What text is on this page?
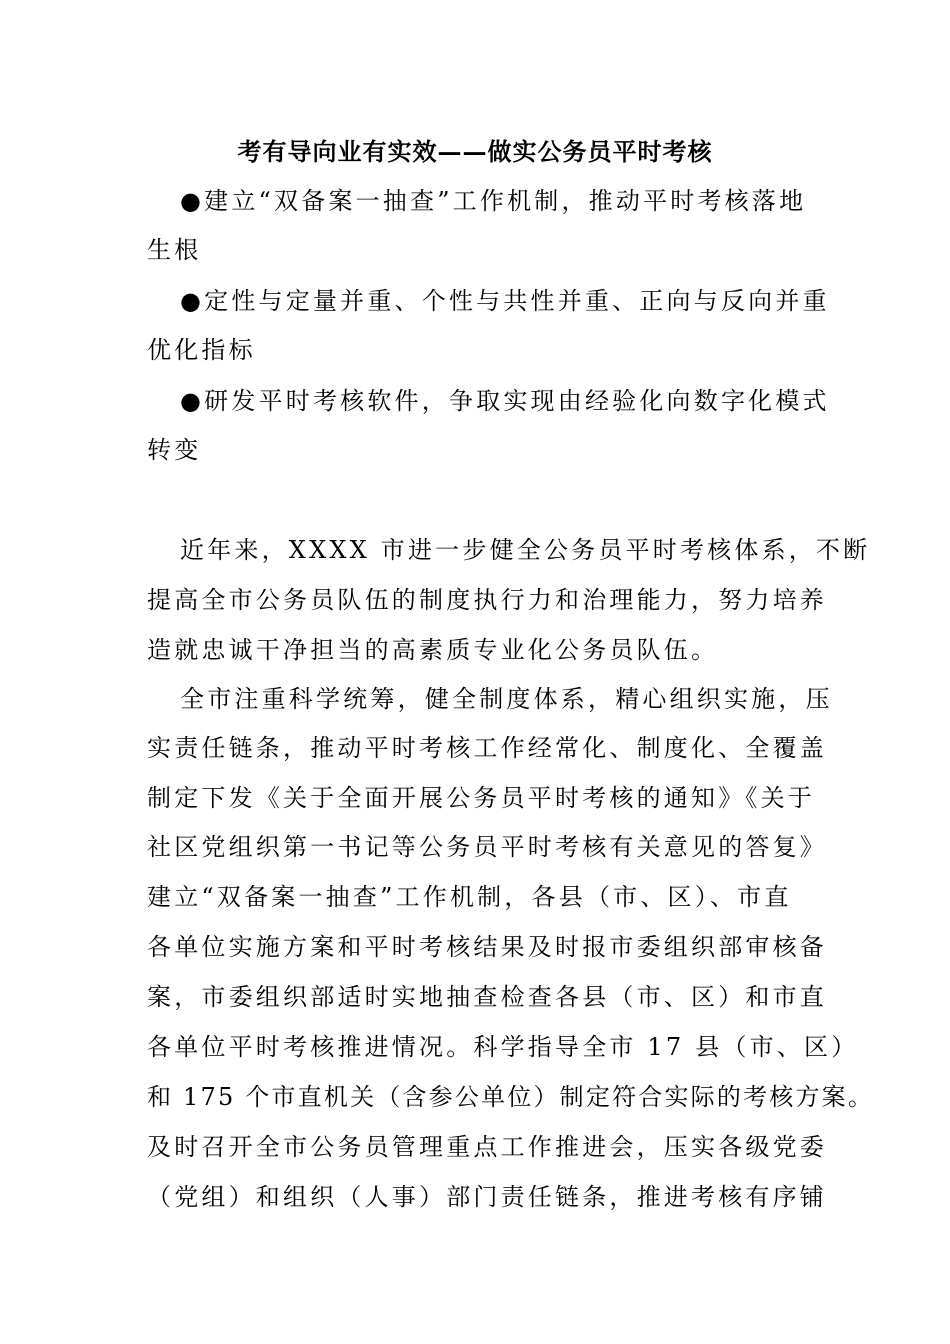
考有导向业有实效——做实公务员平时考核
●建立“双备案一抽查”工作机制，推动平时考核落地
生根
●定性与定量并重、个性与共性并重、正向与反向并重
优化指标
●研发平时考核软件，争取实现由经验化向数字化模式
转变
近年来，XXXX 市进一步健全公务员平时考核体系，不断
提高全市公务员队伍的制度执行力和治理能力，努力培养
造就忠诚干净担当的高素质专业化公务员队伍。
全市注重科学统筹，健全制度体系，精心组织实施，压
实责任链条，推动平时考核工作经常化、制度化、全覆盖
制定下发《关于全面开展公务员平时考核的通知》《关于
社区党组织第一书记等公务员平时考核有关意见的答复》
建立“双备案一抽查”工作机制，各县（市、区）、市直
各单位实施方案和平时考核结果及时报市委组织部审核备
案，市委组织部适时实地抽查检查各县（市、区）和市直
各单位平时考核推进情况。科学指导全市 17 县（市、区）
和 175 个市直机关（含参公单位）制定符合实际的考核方案。
及时召开全市公务员管理重点工作推进会，压实各级党委
（党组）和组织（人事）部门责任链条，推进考核有序铺
